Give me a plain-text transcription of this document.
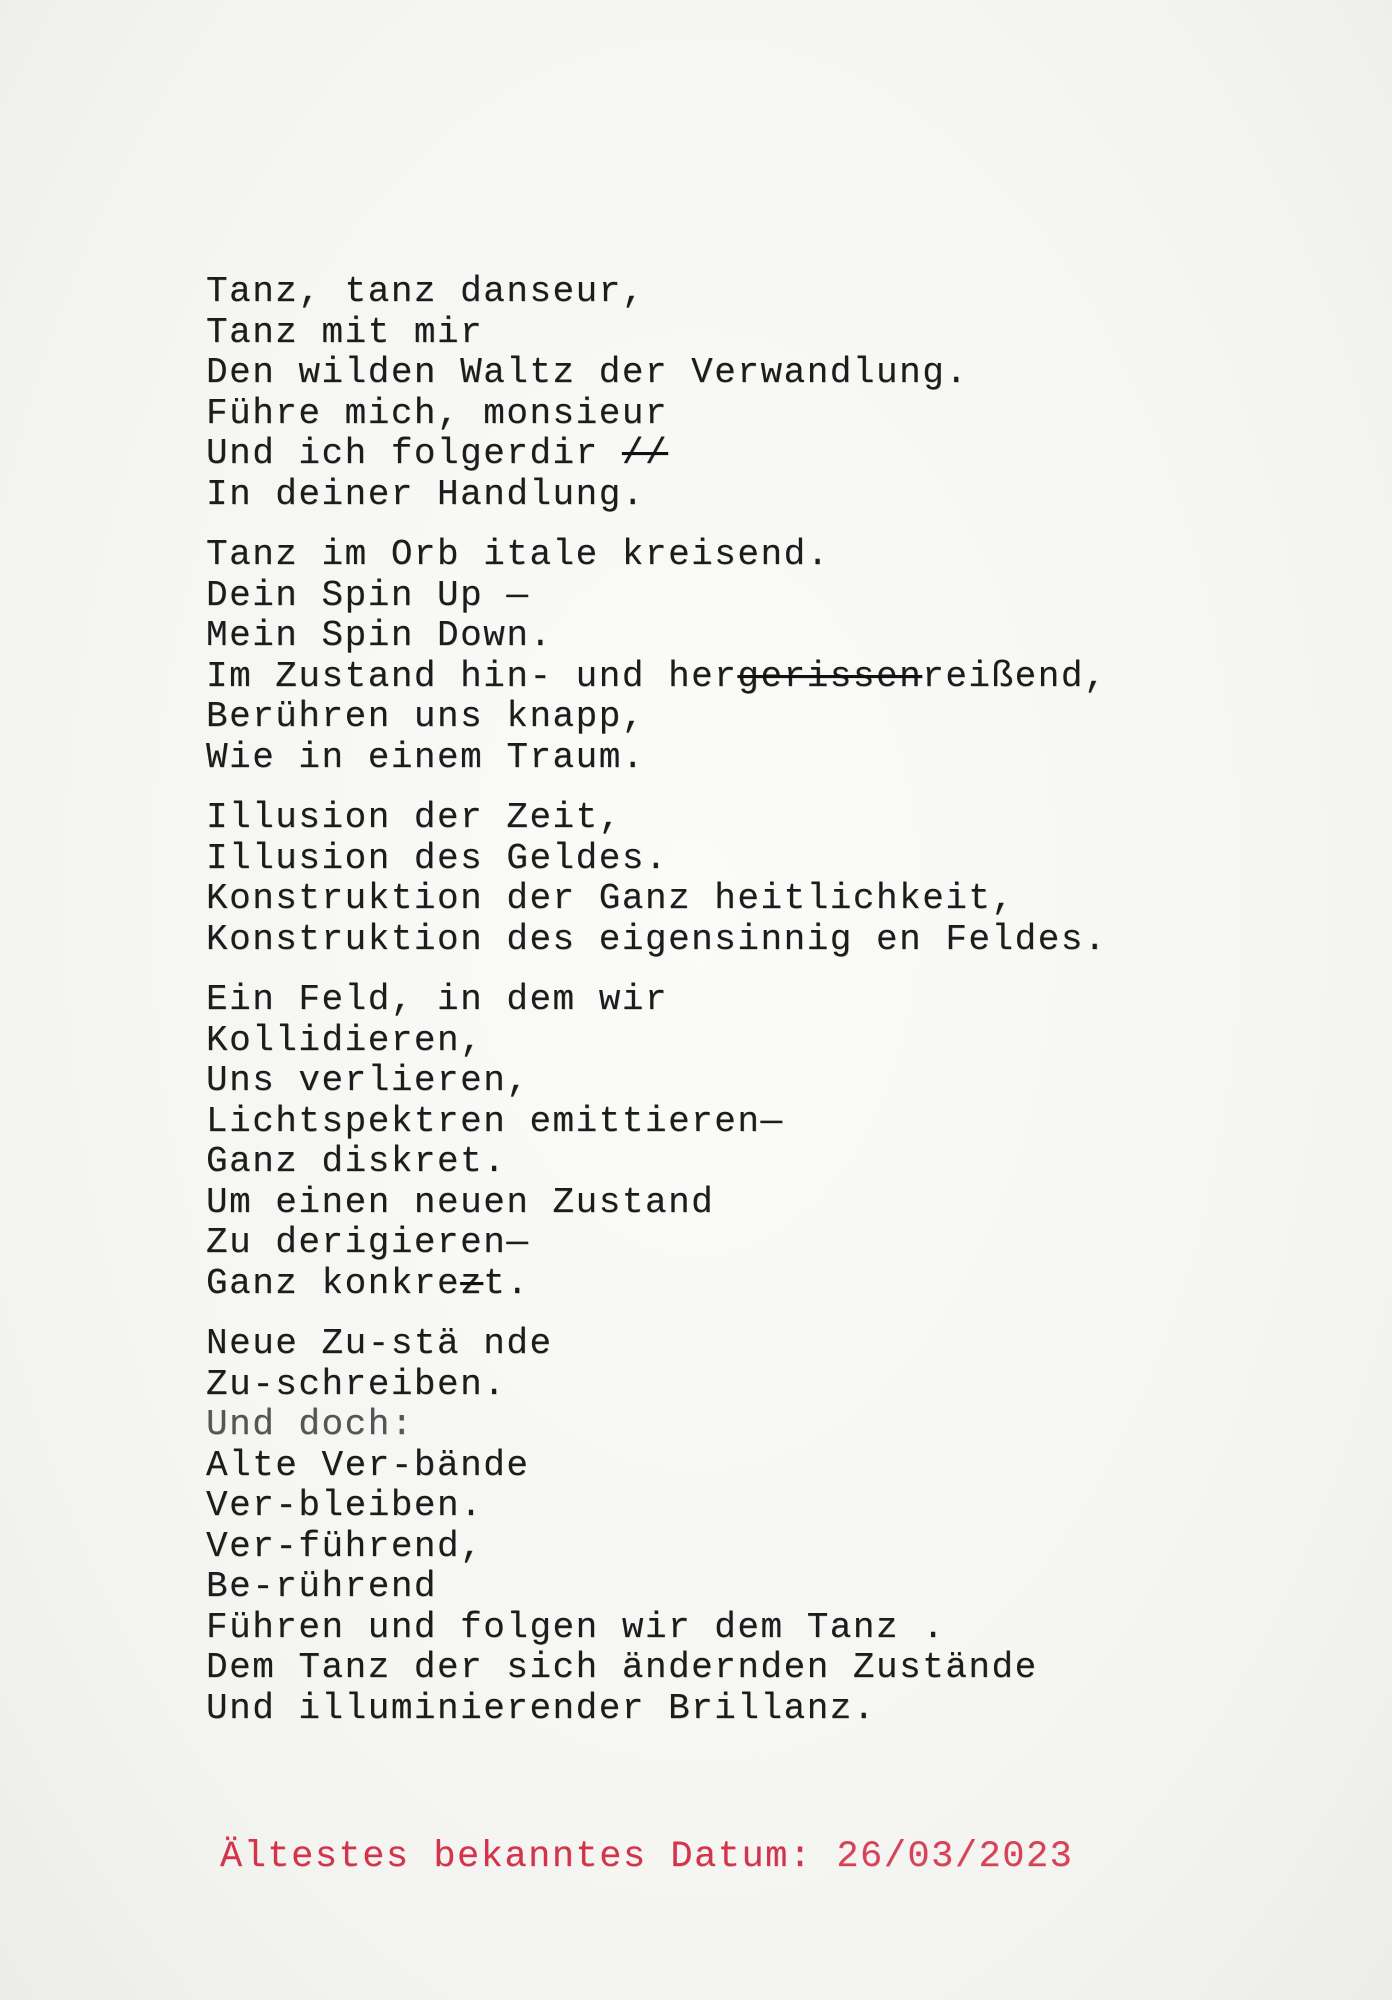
Tanz, tanz danseur,
Tanz mit mir
Den wilden Waltz der Verwandlung.
Führe mich, monsieur
Und ich folgerdir //
In deiner Handlung.
Tanz im Orb itale kreisend.
Dein Spin Up —
Mein Spin Down.
Im Zustand hin- und hergerissenreißend,
Berühren uns knapp,
Wie in einem Traum.
Illusion der Zeit,
Illusion des Geldes.
Konstruktion der Ganz heitlichkeit,
Konstruktion des eigensinnig en Feldes.
Ein Feld, in dem wir
Kollidieren,
Uns verlieren,
Lichtspektren emittieren—
Ganz diskret.
Um einen neuen Zustand
Zu derigieren—
Ganz konkrezt.
Neue Zu-stä nde
Zu-schreiben.
Und doch:
Alte Ver-bände
Ver-bleiben.
Ver-führend,
Be-rührend
Führen und folgen wir dem Tanz .
Dem Tanz der sich ändernden Zustände
Und illuminierender Brillanz.
Ältestes bekanntes Datum: 26/03/2023
